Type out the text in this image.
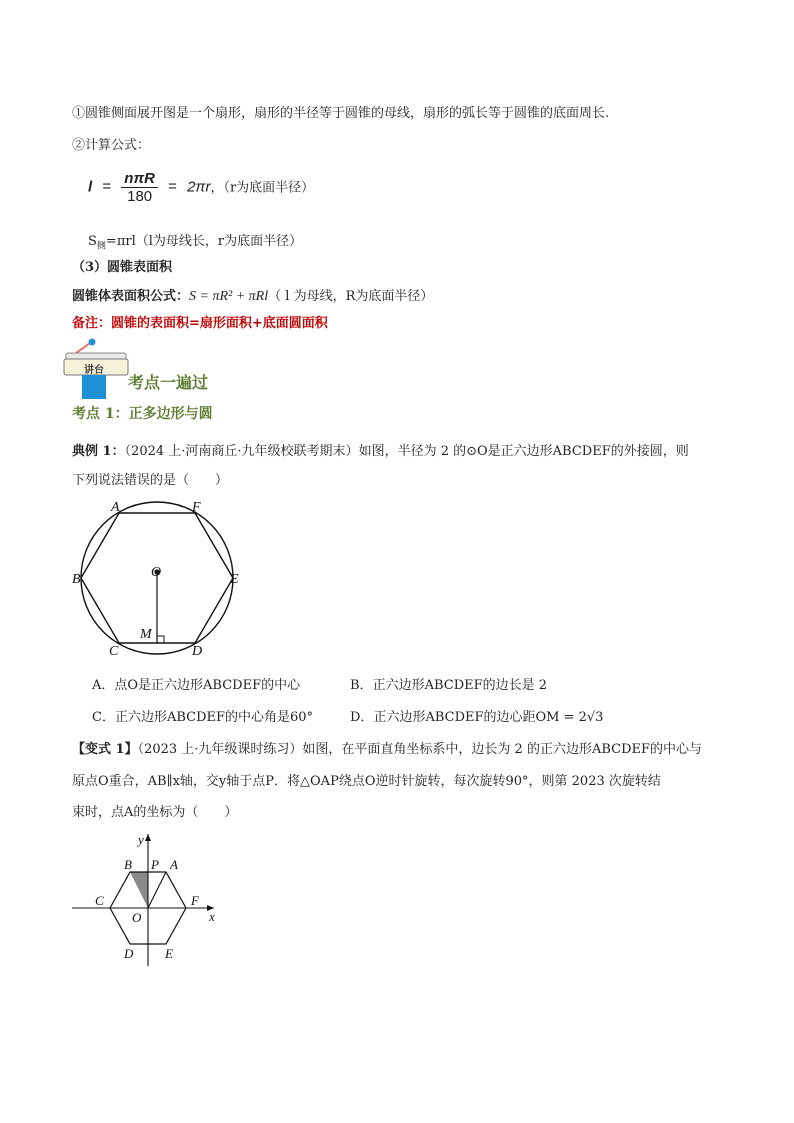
①圆锥侧面展开图是一个扇形，扇形的半径等于圆锥的母线，扇形的弧长等于圆锥的底面周长.
②计算公式：
$l = \frac{\text{nπR}}{180} = 2\pi r$，（r为底面半径）
$S_侧=\pi rl(l$为母线长，r为底面半径）
（3）圆锥表面积
圆锥体表面积公式：S = πR² + πRl（ l 为母线，R为底面半径）
备注：圆锥的表面积=扇形面积+底面圆面积
讲台
考点一遍过
考点 1：正多边形与圆
典例 1：（2024 上·河南商丘·九年级校联考期末）如图，半径为 2 的⊙O是正六边形ABCDEF的外接圆，则
下列说法错误的是（　　）
A	F
B	E
C	D
O
M
A．点O是正六边形ABCDEF的中心	B．正六边形ABCDEF的边长是 2
C．正六边形ABCDEF的中心角是60°	D．正六边形ABCDEF的边心距OM = 2√3
【变式 1】（2023 上·九年级课时练习）如图，在平面直角坐标系中，边长为 2 的正六边形ABCDEF的中心与
原点O重合，AB∥x轴，交y轴于点P．将△OAP绕点O逆时针旋转，每次旋转90°，则第 2023 次旋转结
束时，点A的坐标为（　　）
y
x
B P A
C
O
F
D E
